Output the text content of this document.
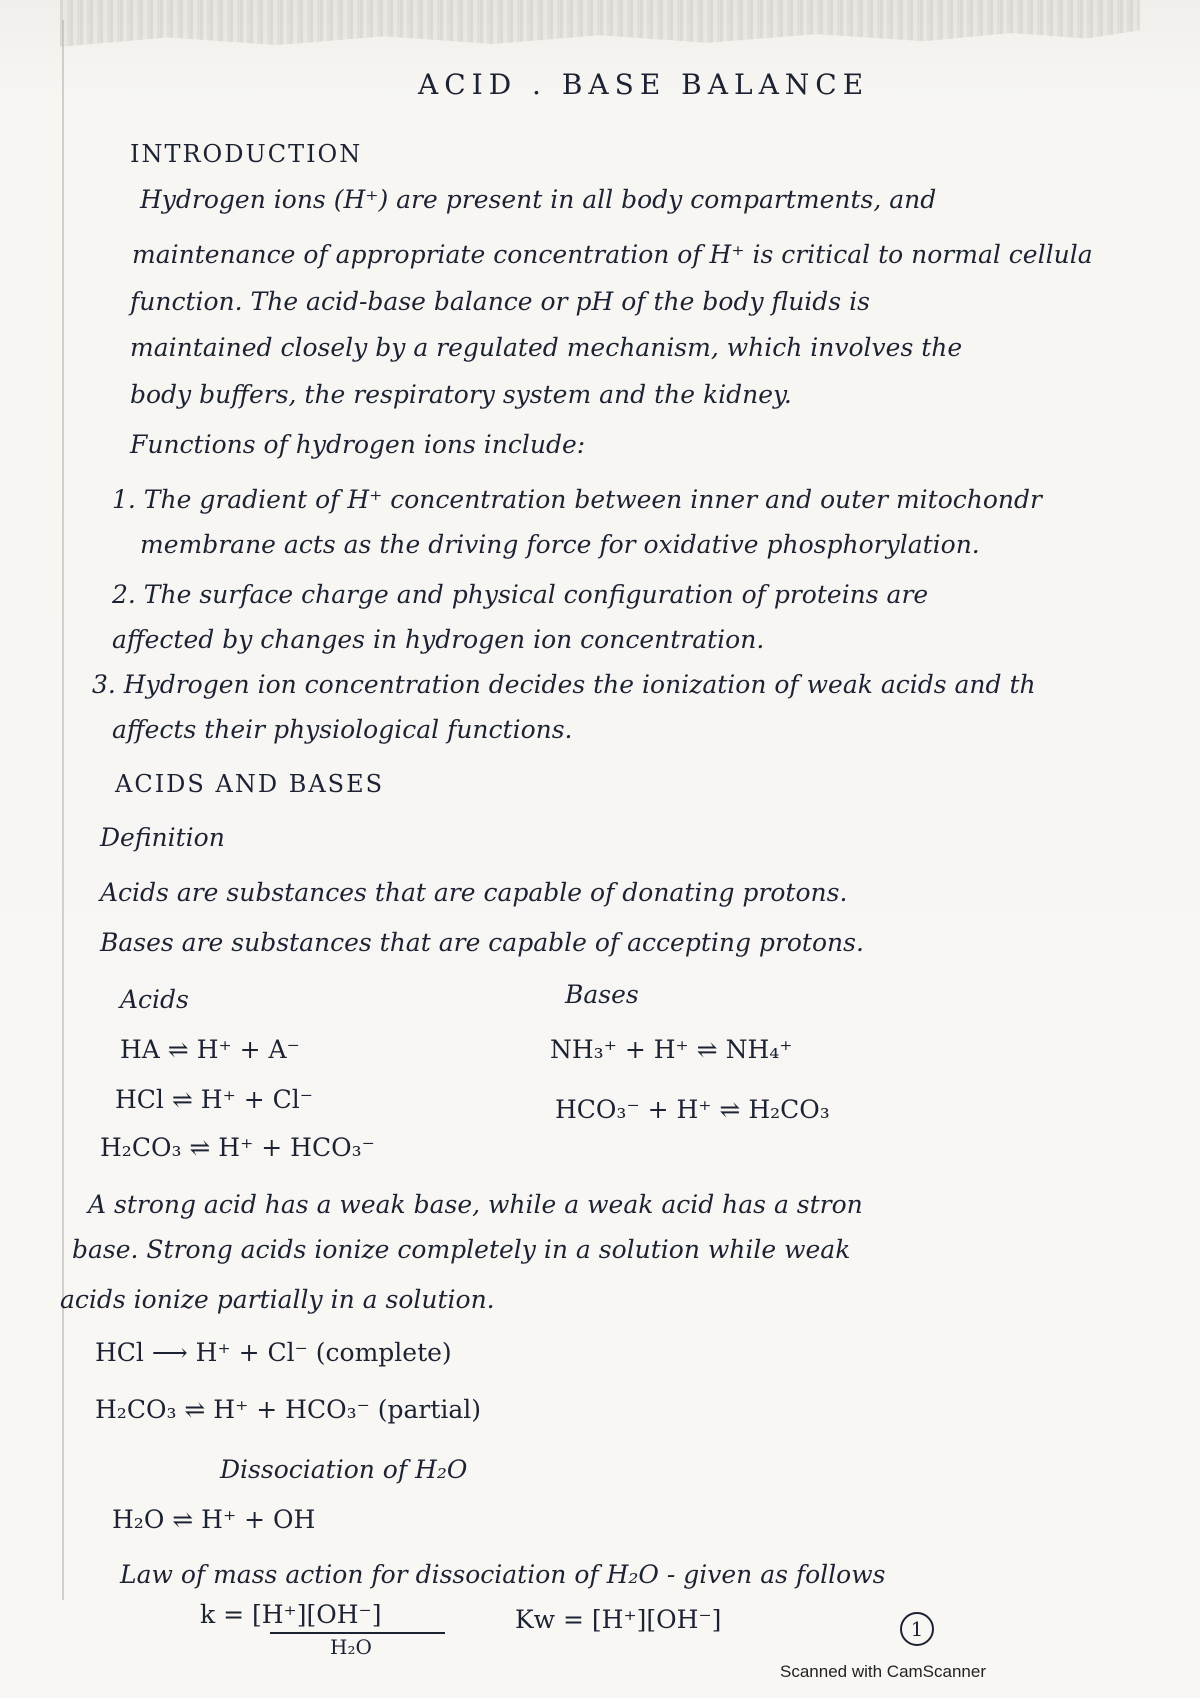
ACID . BASE BALANCE
INTRODUCTION
Hydrogen ions (H⁺) are present in all body compartments, and
maintenance of appropriate concentration of H⁺ is critical to normal cellula
function. The acid-base balance or pH of the body fluids is
maintained closely by a regulated mechanism, which involves the
body buffers, the respiratory system and the kidney.
Functions of hydrogen ions include:
1. The gradient of H⁺ concentration between inner and outer mitochondr
membrane acts as the driving force for oxidative phosphorylation.
2. The surface charge and physical configuration of proteins are
affected by changes in hydrogen ion concentration.
3. Hydrogen ion concentration decides the ionization of weak acids and th
affects their physiological functions.
ACIDS AND BASES
Definition
Acids are substances that are capable of donating protons.
Bases are substances that are capable of accepting protons.
Acids	Bases
HA ⇌ H⁺ + A⁻
HCl ⇌ H⁺ + Cl⁻
H₂CO₃ ⇌ H⁺ + HCO₃⁻
NH₃⁺ + H⁺ ⇌ NH₄⁺
HCO₃⁻ + H⁺ ⇌ H₂CO₃
A strong acid has a weak base, while a weak acid has a stron
base. Strong acids ionize completely in a solution while weak
acids ionize partially in a solution.
HCl ⟶ H⁺ + Cl⁻ (complete)
H₂CO₃ ⇌ H⁺ + HCO₃⁻ (partial)
Dissociation of H₂O
H₂O ⇌ H⁺ + OH
Law of mass action for dissociation of H₂O - given as follows
k = [H⁺][OH⁻]
H₂O
Kw = [H⁺][OH⁻]	1
Scanned with CamScanner
